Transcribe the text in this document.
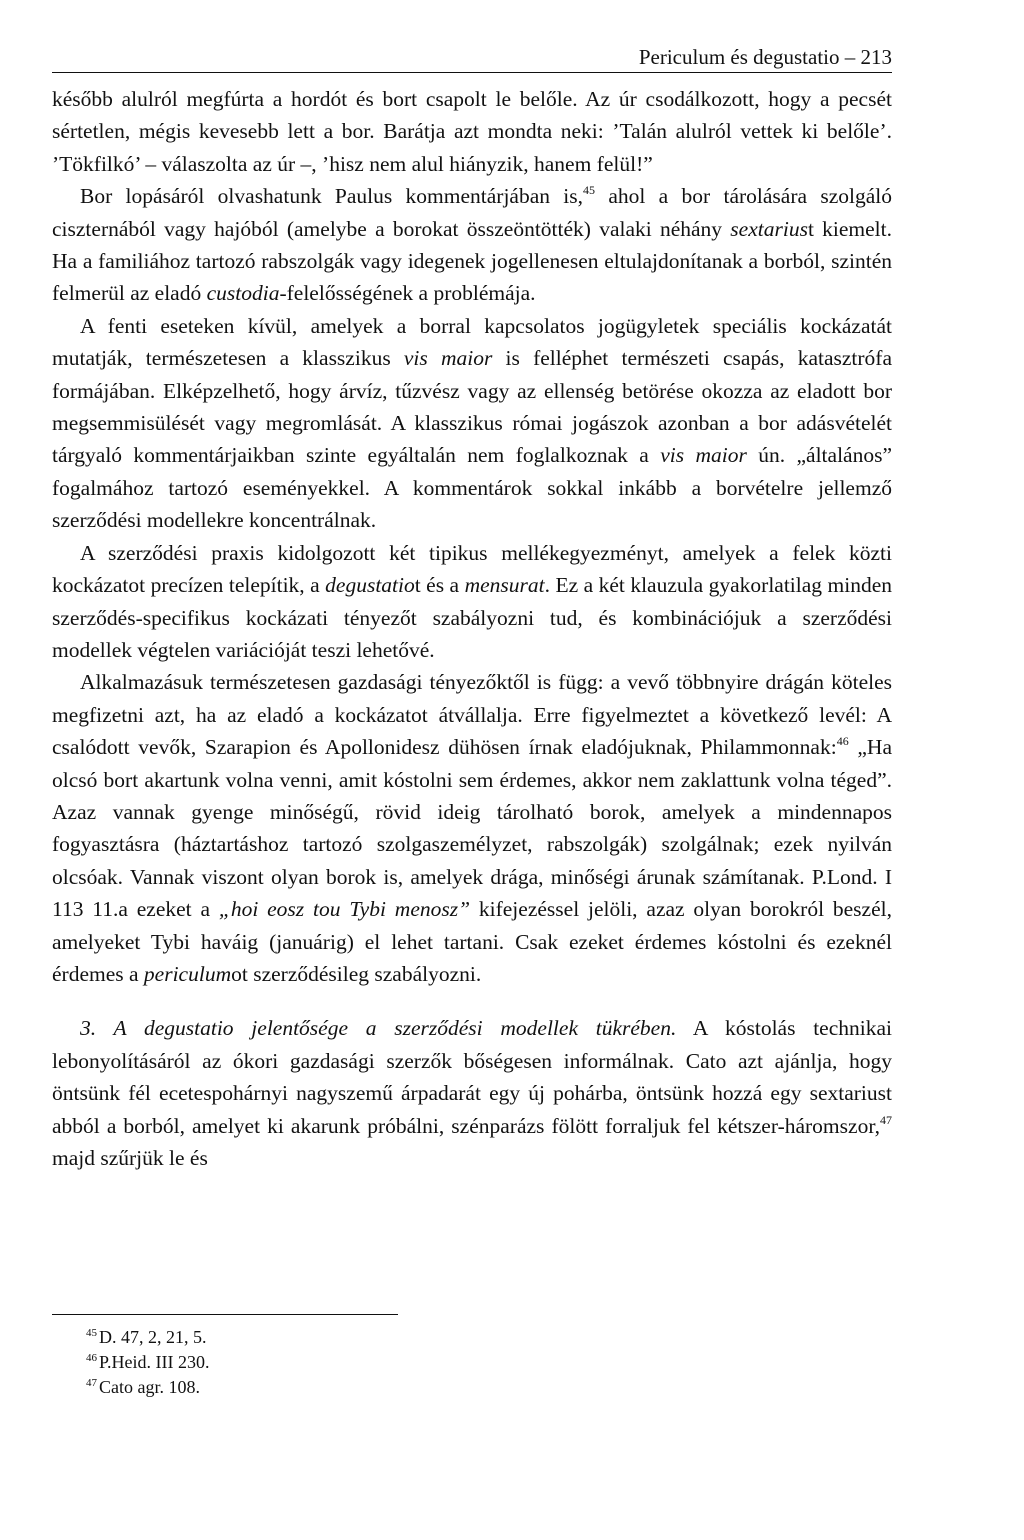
Periculum és degustatio – 213

később alulról megfúrta a hordót és bort csapolt le belőle. Az úr csodálkozott, hogy a pecsét sértetlen, mégis kevesebb lett a bor. Barátja azt mondta neki: ’Talán alulról vettek ki belőle’. ’Tökfilkó’ – válaszolta az úr –, ’hisz nem alul hiányzik, hanem felül!”

Bor lopásáról olvashatunk Paulus kommentárjában is,$^{45}$ ahol a bor tárolására szolgáló ciszternából vagy hajóból (amelybe a borokat összeöntötték) valaki néhány sextariust kiemelt. Ha a familiához tartozó rabszolgák vagy idegenek jogellenesen eltulajdonítanak a borból, szintén felmerül az eladó custodia-felelősségének a problémája.

A fenti eseteken kívül, amelyek a borral kapcsolatos jogügyletek speciális kockázatát mutatják, természetesen a klasszikus vis maior is felléphet természeti csapás, katasztrófa formájában. Elképzelhető, hogy árvíz, tűzvész vagy az ellenség betörése okozza az eladott bor megsemmisülését vagy megromlását. A klasszikus római jogászok azonban a bor adásvételét tárgyaló kommentárjaikban szinte egyáltalán nem foglalkoznak a vis maior ún. „általános” fogalmához tartozó eseményekkel. A kommentárok sokkal inkább a borvételre jellemző szerződési modellekre koncentrálnak.

A szerződési praxis kidolgozott két tipikus mellékegyezményt, amelyek a felek közti kockázatot precízen telepítik, a degustatiot és a mensurat. Ez a két klauzula gyakorlatilag minden szerződés-specifikus kockázati tényezőt szabályozni tud, és kombinációjuk a szerződési modellek végtelen variációját teszi lehetővé.

Alkalmazásuk természetesen gazdasági tényezőktől is függ: a vevő többnyire drágán köteles megfizetni azt, ha az eladó a kockázatot átvállalja. Erre figyelmeztet a következő levél: A csalódott vevők, Szarapion és Apollonidesz dühösen írnak eladójuknak, Philammonnak:$^{46}$ „Ha olcsó bort akartunk volna venni, amit kóstolni sem érdemes, akkor nem zaklattunk volna téged”. Azaz vannak gyenge minőségű, rövid ideig tárolható borok, amelyek a mindennapos fogyasztásra (háztartáshoz tartozó szolgaszemélyzet, rabszolgák) szolgálnak; ezek nyilván olcsóak. Vannak viszont olyan borok is, amelyek drága, minőségi árunak számítanak. P.Lond. I 113 11.a ezeket a „hoi eosz tou Tybi menosz” kifejezéssel jelöli, azaz olyan borokról beszél, amelyeket Tybi haváig (januárig) el lehet tartani. Csak ezeket érdemes kóstolni és ezeknél érdemes a periculumot szerződésileg szabályozni.

3. A degustatio jelentősége a szerződési modellek tükrében. A kóstolás technikai lebonyolításáról az ókori gazdasági szerzők bőségesen informálnak. Cato azt ajánlja, hogy öntsünk fél ecetespohárnyi nagyszemű árpadarát egy új pohárba, öntsünk hozzá egy sextariust abból a borból, amelyet ki akarunk próbálni, szénparázs fölött forraljuk fel kétszer-háromszor,$^{47}$ majd szűrjük le és

$^{45}$ D. 47, 2, 21, 5.
$^{46}$ P.Heid. III 230.
$^{47}$ Cato agr. 108.
